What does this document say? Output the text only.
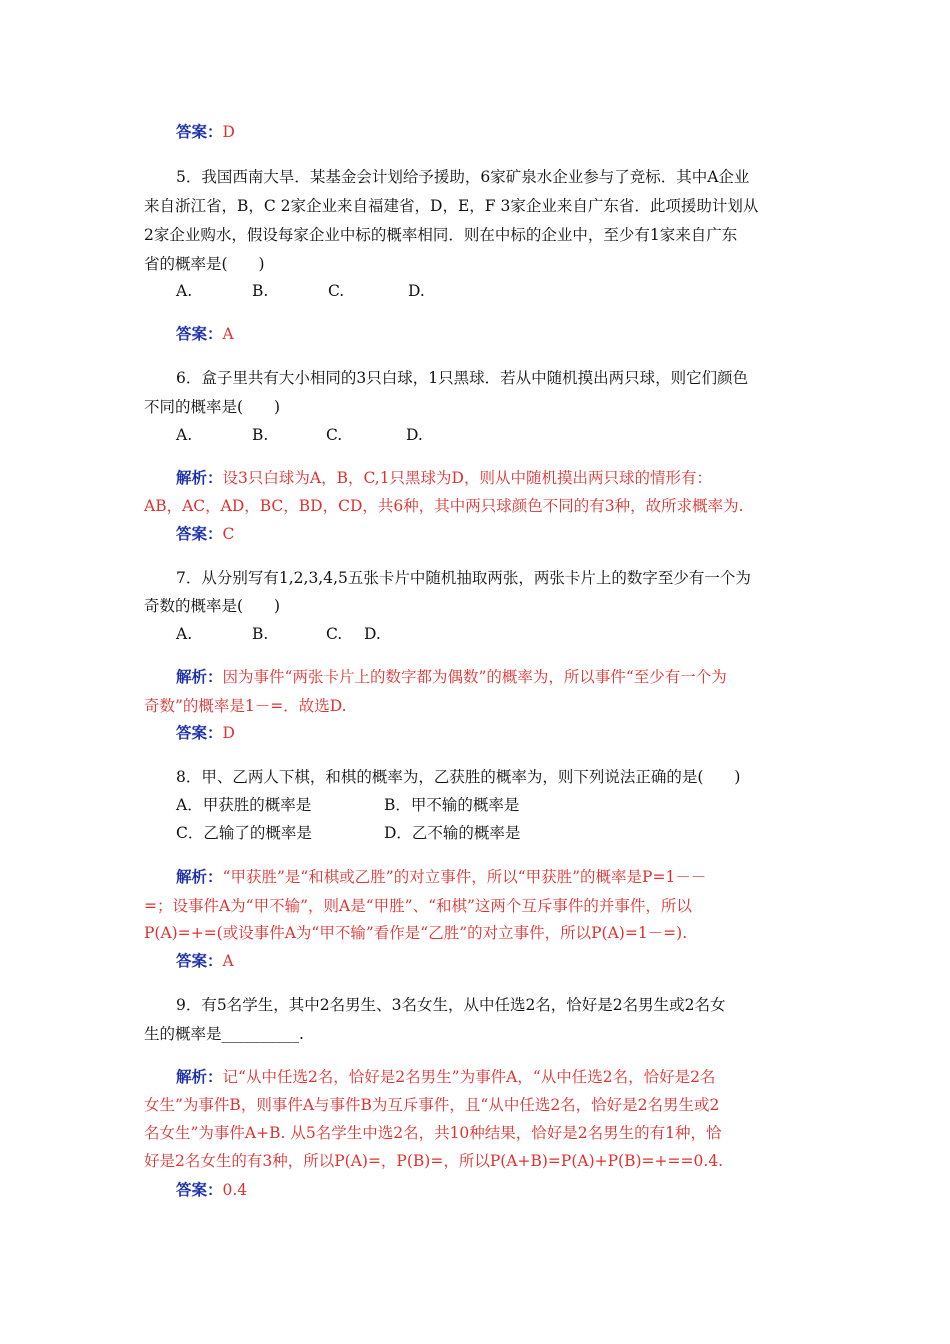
答案：D
5．我国西南大旱．某基金会计划给予援助，6家矿泉水企业参与了竞标．其中A企业
来自浙江省，B，C 2家企业来自福建省，D，E，F 3家企业来自广东省．此项援助计划从
2家企业购水，假设每家企业中标的概率相同．则在中标的企业中，至少有1家来自广东
省的概率是(　　)
A.	B.	C.	D.
答案：A
6．盒子里共有大小相同的3只白球，1只黑球．若从中随机摸出两只球，则它们颜色
不同的概率是(　　)
A.	B.	C.	D.
解析：设3只白球为A，B，C,1只黑球为D，则从中随机摸出两只球的情形有：
AB，AC，AD，BC，BD，CD，共6种，其中两只球颜色不同的有3种，故所求概率为.
答案：C
7．从分别写有1,2,3,4,5五张卡片中随机抽取两张，两张卡片上的数字至少有一个为
奇数的概率是(　　)
A.	B.	C. D.
解析：因为事件“两张卡片上的数字都为偶数”的概率为，所以事件“至少有一个为
奇数”的概率是1－=．故选D.
答案：D
8．甲、乙两人下棋，和棋的概率为，乙获胜的概率为，则下列说法正确的是(　　)
A．甲获胜的概率是	B．甲不输的概率是
C．乙输了的概率是	D．乙不输的概率是
解析：“甲获胜”是“和棋或乙胜”的对立事件，所以“甲获胜”的概率是P=1－－
=；设事件A为“甲不输”，则A是“甲胜”、“和棋”这两个互斥事件的并事件，所以
P(A)=+=(或设事件A为“甲不输”看作是“乙胜”的对立事件，所以P(A)=1－=).
答案：A
9．有5名学生，其中2名男生、3名女生，从中任选2名，恰好是2名男生或2名女
生的概率是__________.
解析：记“从中任选2名，恰好是2名男生”为事件A，“从中任选2名，恰好是2名
女生”为事件B，则事件A与事件B为互斥事件，且“从中任选2名，恰好是2名男生或2
名女生”为事件A+B. 从5名学生中选2名，共10种结果，恰好是2名男生的有1种，恰
好是2名女生的有3种，所以P(A)=，P(B)=，所以P(A+B)=P(A)+P(B)=+==0.4.
答案：0.4
